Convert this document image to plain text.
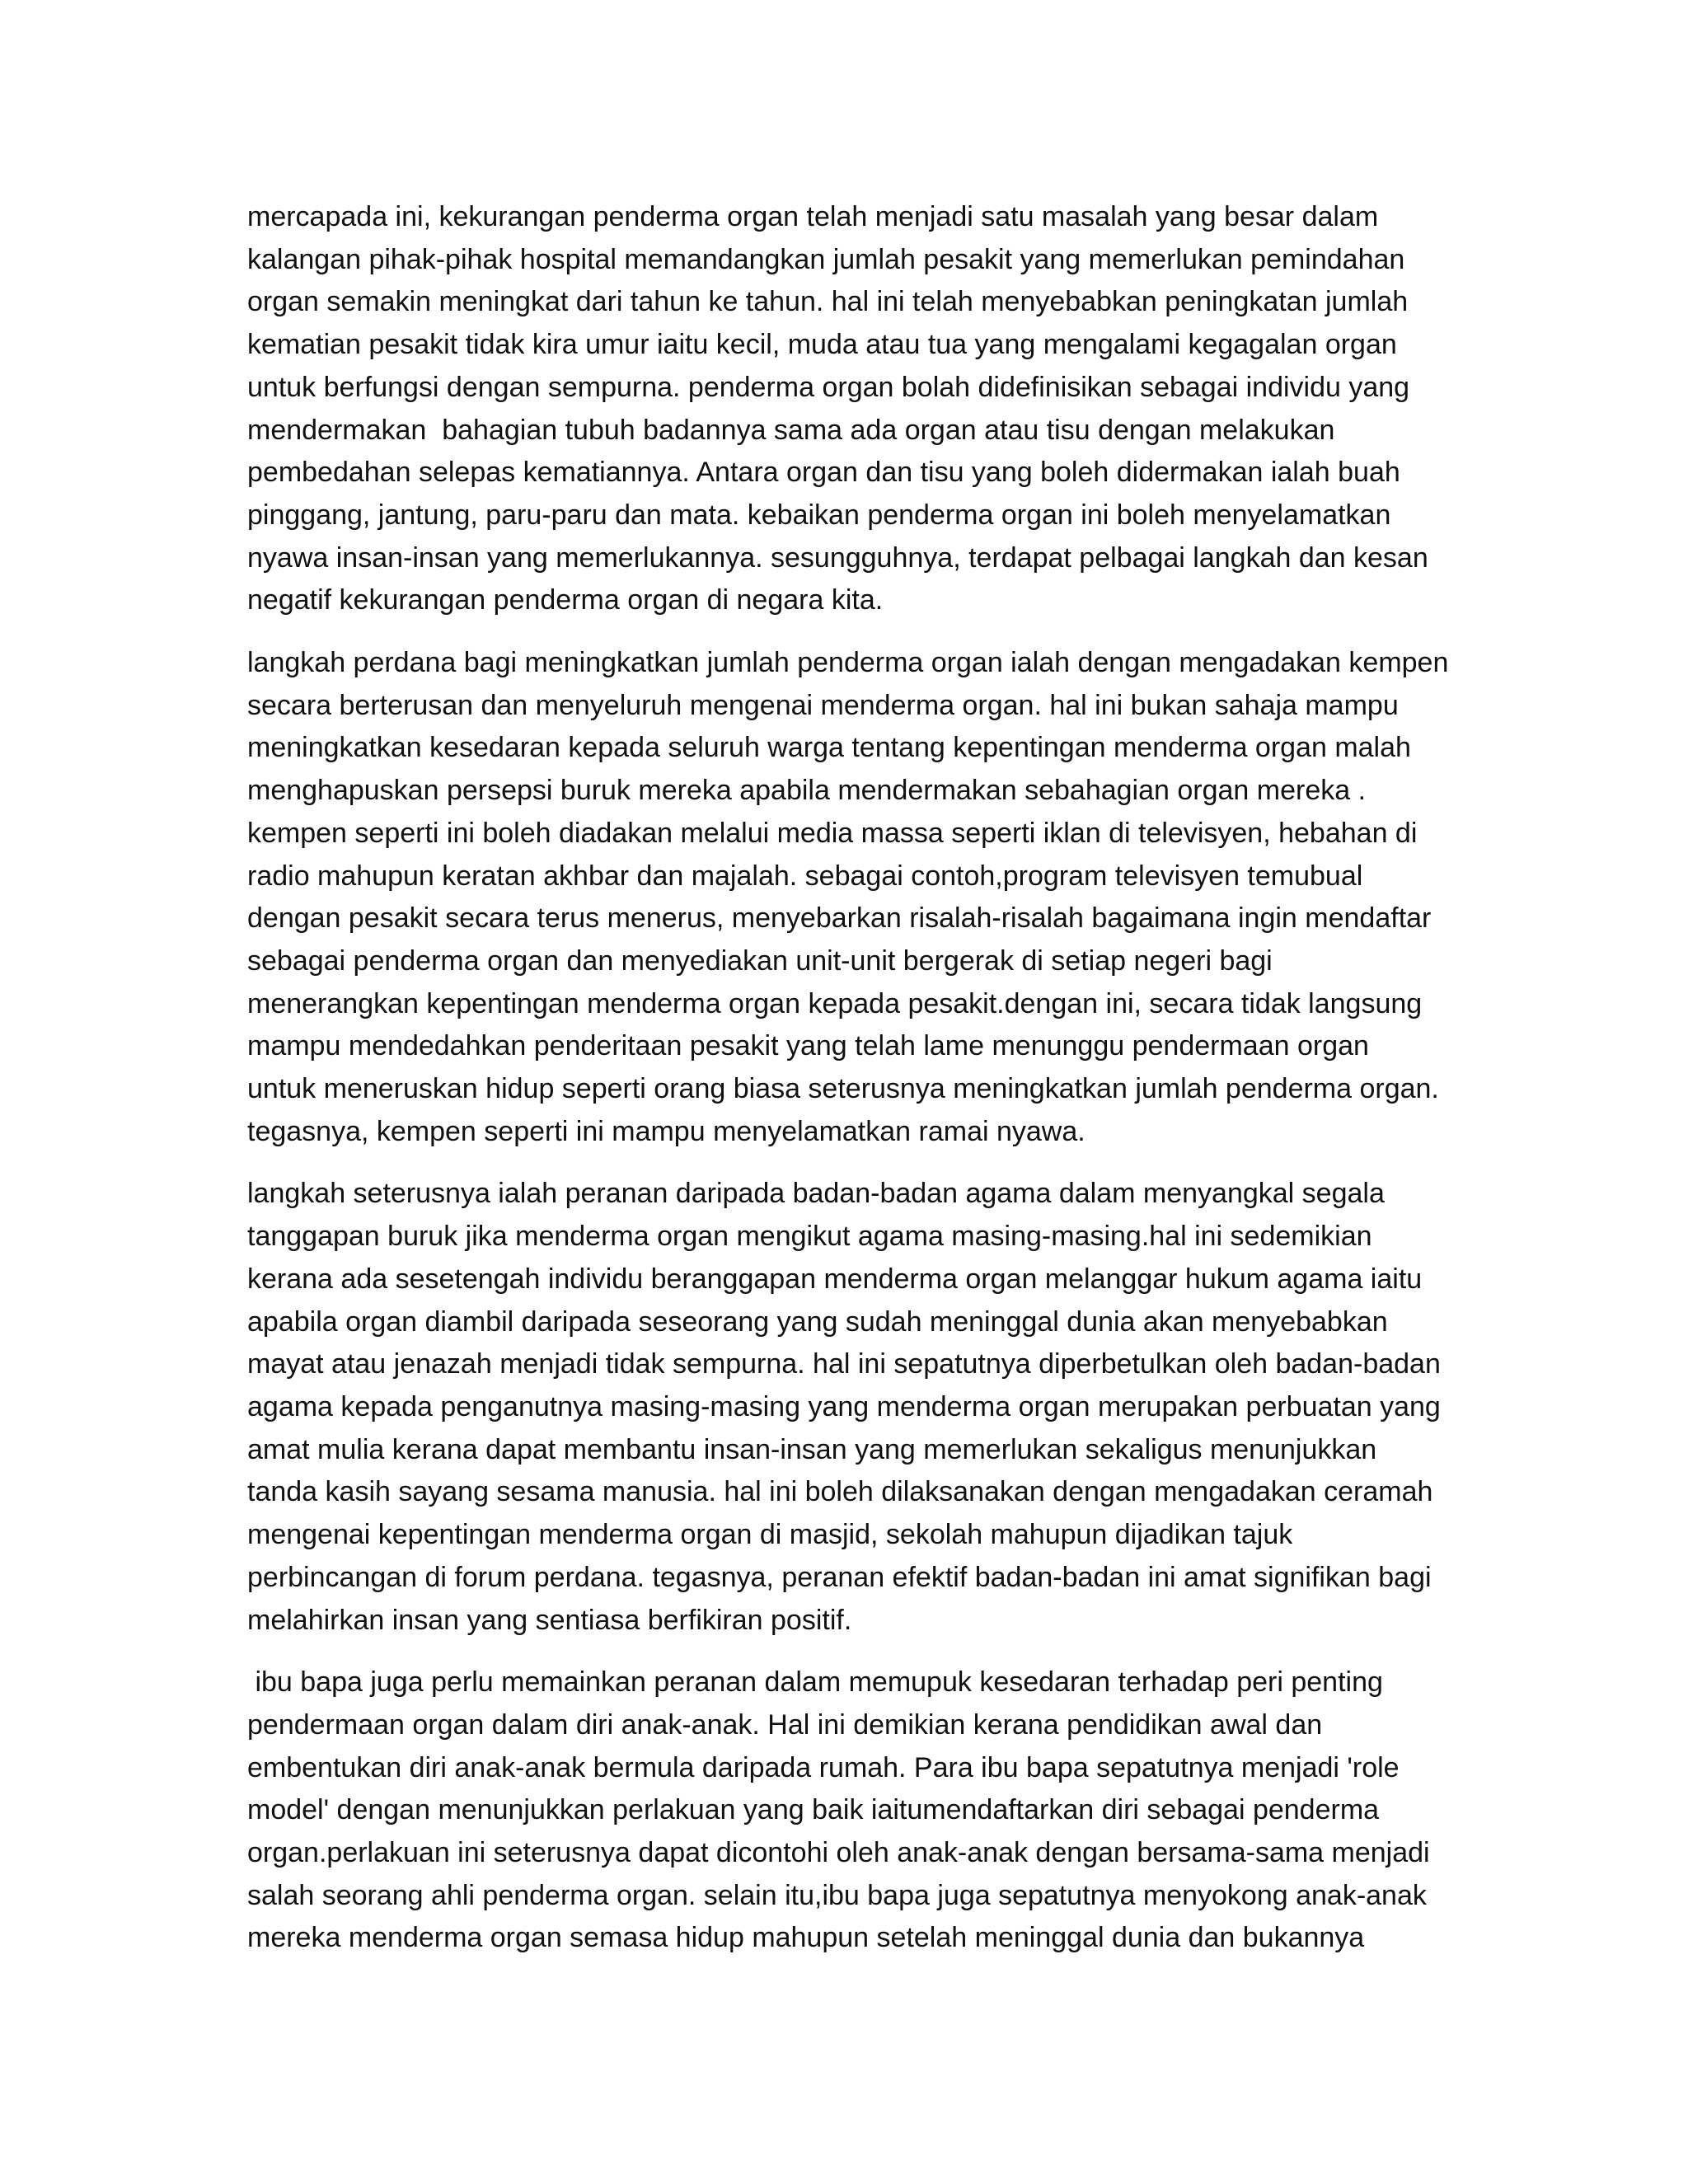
mercapada ini, kekurangan penderma organ telah menjadi satu masalah yang besar dalam
kalangan pihak-pihak hospital memandangkan jumlah pesakit yang memerlukan pemindahan
organ semakin meningkat dari tahun ke tahun. hal ini telah menyebabkan peningkatan jumlah
kematian pesakit tidak kira umur iaitu kecil, muda atau tua yang mengalami kegagalan organ
untuk berfungsi dengan sempurna. penderma organ bolah didefinisikan sebagai individu yang
mendermakan  bahagian tubuh badannya sama ada organ atau tisu dengan melakukan
pembedahan selepas kematiannya. Antara organ dan tisu yang boleh didermakan ialah buah
pinggang, jantung, paru-paru dan mata. kebaikan penderma organ ini boleh menyelamatkan
nyawa insan-insan yang memerlukannya. sesungguhnya, terdapat pelbagai langkah dan kesan
negatif kekurangan penderma organ di negara kita.

langkah perdana bagi meningkatkan jumlah penderma organ ialah dengan mengadakan kempen
secara berterusan dan menyeluruh mengenai menderma organ. hal ini bukan sahaja mampu
meningkatkan kesedaran kepada seluruh warga tentang kepentingan menderma organ malah
menghapuskan persepsi buruk mereka apabila mendermakan sebahagian organ mereka .
kempen seperti ini boleh diadakan melalui media massa seperti iklan di televisyen, hebahan di
radio mahupun keratan akhbar dan majalah. sebagai contoh,program televisyen temubual
dengan pesakit secara terus menerus, menyebarkan risalah-risalah bagaimana ingin mendaftar
sebagai penderma organ dan menyediakan unit-unit bergerak di setiap negeri bagi
menerangkan kepentingan menderma organ kepada pesakit.dengan ini, secara tidak langsung
mampu mendedahkan penderitaan pesakit yang telah lame menunggu pendermaan organ
untuk meneruskan hidup seperti orang biasa seterusnya meningkatkan jumlah penderma organ.
tegasnya, kempen seperti ini mampu menyelamatkan ramai nyawa.

langkah seterusnya ialah peranan daripada badan-badan agama dalam menyangkal segala
tanggapan buruk jika menderma organ mengikut agama masing-masing.hal ini sedemikian
kerana ada sesetengah individu beranggapan menderma organ melanggar hukum agama iaitu
apabila organ diambil daripada seseorang yang sudah meninggal dunia akan menyebabkan
mayat atau jenazah menjadi tidak sempurna. hal ini sepatutnya diperbetulkan oleh badan-badan
agama kepada penganutnya masing-masing yang menderma organ merupakan perbuatan yang
amat mulia kerana dapat membantu insan-insan yang memerlukan sekaligus menunjukkan
tanda kasih sayang sesama manusia. hal ini boleh dilaksanakan dengan mengadakan ceramah
mengenai kepentingan menderma organ di masjid, sekolah mahupun dijadikan tajuk
perbincangan di forum perdana. tegasnya, peranan efektif badan-badan ini amat signifikan bagi
melahirkan insan yang sentiasa berfikiran positif.

ibu bapa juga perlu memainkan peranan dalam memupuk kesedaran terhadap peri penting
pendermaan organ dalam diri anak-anak. Hal ini demikian kerana pendidikan awal dan
embentukan diri anak-anak bermula daripada rumah. Para ibu bapa sepatutnya menjadi 'role
model' dengan menunjukkan perlakuan yang baik iaitumendaftarkan diri sebagai penderma
organ.perlakuan ini seterusnya dapat dicontohi oleh anak-anak dengan bersama-sama menjadi
salah seorang ahli penderma organ. selain itu,ibu bapa juga sepatutnya menyokong anak-anak
mereka menderma organ semasa hidup mahupun setelah meninggal dunia dan bukannya
